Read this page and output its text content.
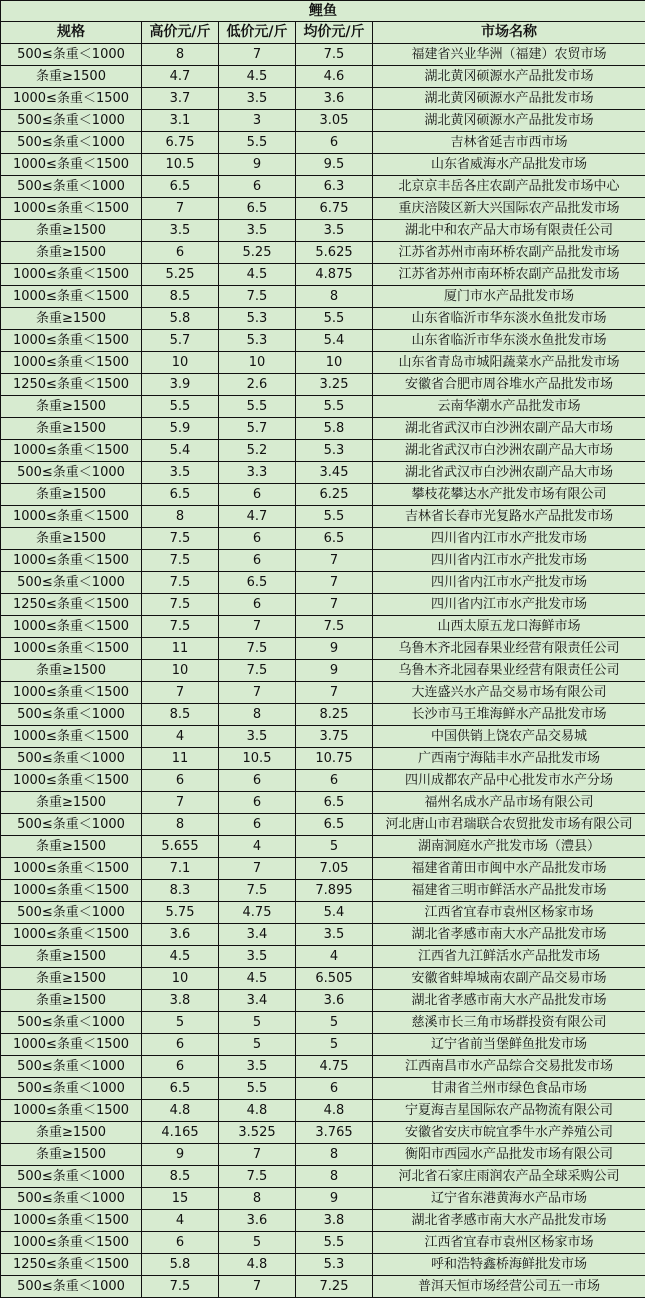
鲤鱼				
规格	高价元/斤	低价元/斤	均价元/斤	市场名称
500≤条重＜1000	8	7	7.5	福建省兴业华洲（福建）农贸市场
条重≥1500	4.7	4.5	4.6	湖北黄冈硕源水产品批发市场
1000≤条重＜1500	3.7	3.5	3.6	湖北黄冈硕源水产品批发市场
500≤条重＜1000	3.1	3	3.05	湖北黄冈硕源水产品批发市场
500≤条重＜1000	6.75	5.5	6	吉林省延吉市西市场
1000≤条重＜1500	10.5	9	9.5	山东省威海水产品批发市场
500≤条重＜1000	6.5	6	6.3	北京京丰岳各庄农副产品批发市场中心
1000≤条重＜1500	7	6.5	6.75	重庆涪陵区新大兴国际农产品批发市场
条重≥1500	3.5	3.5	3.5	湖北中和农产品大市场有限责任公司
条重≥1500	6	5.25	5.625	江苏省苏州市南环桥农副产品批发市场
1000≤条重＜1500	5.25	4.5	4.875	江苏省苏州市南环桥农副产品批发市场
1000≤条重＜1500	8.5	7.5	8	厦门市水产品批发市场
条重≥1500	5.8	5.3	5.5	山东省临沂市华东淡水鱼批发市场
1000≤条重＜1500	5.7	5.3	5.4	山东省临沂市华东淡水鱼批发市场
1000≤条重＜1500	10	10	10	山东省青岛市城阳蔬菜水产品批发市场
1250≤条重＜1500	3.9	2.6	3.25	安徽省合肥市周谷堆水产品批发市场
条重≥1500	5.5	5.5	5.5	云南华潮水产品批发市场
条重≥1500	5.9	5.7	5.8	湖北省武汉市白沙洲农副产品大市场
1000≤条重＜1500	5.4	5.2	5.3	湖北省武汉市白沙洲农副产品大市场
500≤条重＜1000	3.5	3.3	3.45	湖北省武汉市白沙洲农副产品大市场
条重≥1500	6.5	6	6.25	攀枝花攀达水产批发市场有限公司
1000≤条重＜1500	8	4.7	5.5	吉林省长春市光复路水产品批发市场
条重≥1500	7.5	6	6.5	四川省内江市水产批发市场
1000≤条重＜1500	7.5	6	7	四川省内江市水产批发市场
500≤条重＜1000	7.5	6.5	7	四川省内江市水产批发市场
1250≤条重＜1500	7.5	6	7	四川省内江市水产批发市场
1000≤条重＜1500	7.5	7	7.5	山西太原五龙口海鲜市场
1000≤条重＜1500	11	7.5	9	乌鲁木齐北园春果业经营有限责任公司
条重≥1500	10	7.5	9	乌鲁木齐北园春果业经营有限责任公司
1000≤条重＜1500	7	7	7	大连盛兴水产品交易市场有限公司
500≤条重＜1000	8.5	8	8.25	长沙市马王堆海鲜水产品批发市场
1000≤条重＜1500	4	3.5	3.75	中国供销上饶农产品交易城
500≤条重＜1000	11	10.5	10.75	广西南宁海陆丰水产品批发市场
1000≤条重＜1500	6	6	6	四川成都农产品中心批发市水产分场
条重≥1500	7	6	6.5	福州名成水产品市场有限公司
500≤条重＜1000	8	6	6.5	河北唐山市君瑞联合农贸批发市场有限公司
条重≥1500	5.655	4	5	湖南洞庭水产批发市场（澧县）
1000≤条重＜1500	7.1	7	7.05	福建省莆田市闽中水产品批发市场
1000≤条重＜1500	8.3	7.5	7.895	福建省三明市鲜活水产品批发市场
500≤条重＜1000	5.75	4.75	5.4	江西省宜春市袁州区杨家市场
1000≤条重＜1500	3.6	3.4	3.5	湖北省孝感市南大水产品批发市场
条重≥1500	4.5	3.5	4	江西省九江鲜活水产品批发市场
条重≥1500	10	4.5	6.505	安徽省蚌埠城南农副产品交易市场
条重≥1500	3.8	3.4	3.6	湖北省孝感市南大水产品批发市场
500≤条重＜1000	5	5	5	慈溪市长三角市场群投资有限公司
1000≤条重＜1500	6	5	5	辽宁省前当堡鲜鱼批发市场
500≤条重＜1000	6	3.5	4.75	江西南昌市水产品综合交易批发市场
500≤条重＜1000	6.5	5.5	6	甘肃省兰州市绿色食品市场
1000≤条重＜1500	4.8	4.8	4.8	宁夏海吉星国际农产品物流有限公司
条重≥1500	4.165	3.525	3.765	安徽省安庆市皖宜季牛水产养殖公司
条重≥1500	9	7	8	衡阳市西园水产品批发市场有限公司
500≤条重＜1000	8.5	7.5	8	河北省石家庄雨润农产品全球采购公司
500≤条重＜1000	15	8	9	辽宁省东港黄海水产品市场
1000≤条重＜1500	4	3.6	3.8	湖北省孝感市南大水产品批发市场
1000≤条重＜1500	6	5	5.5	江西省宜春市袁州区杨家市场
1250≤条重＜1500	5.8	4.8	5.3	呼和浩特鑫桥海鲜批发市场
500≤条重＜1000	7.5	7	7.25	普洱天恒市场经营公司五一市场
